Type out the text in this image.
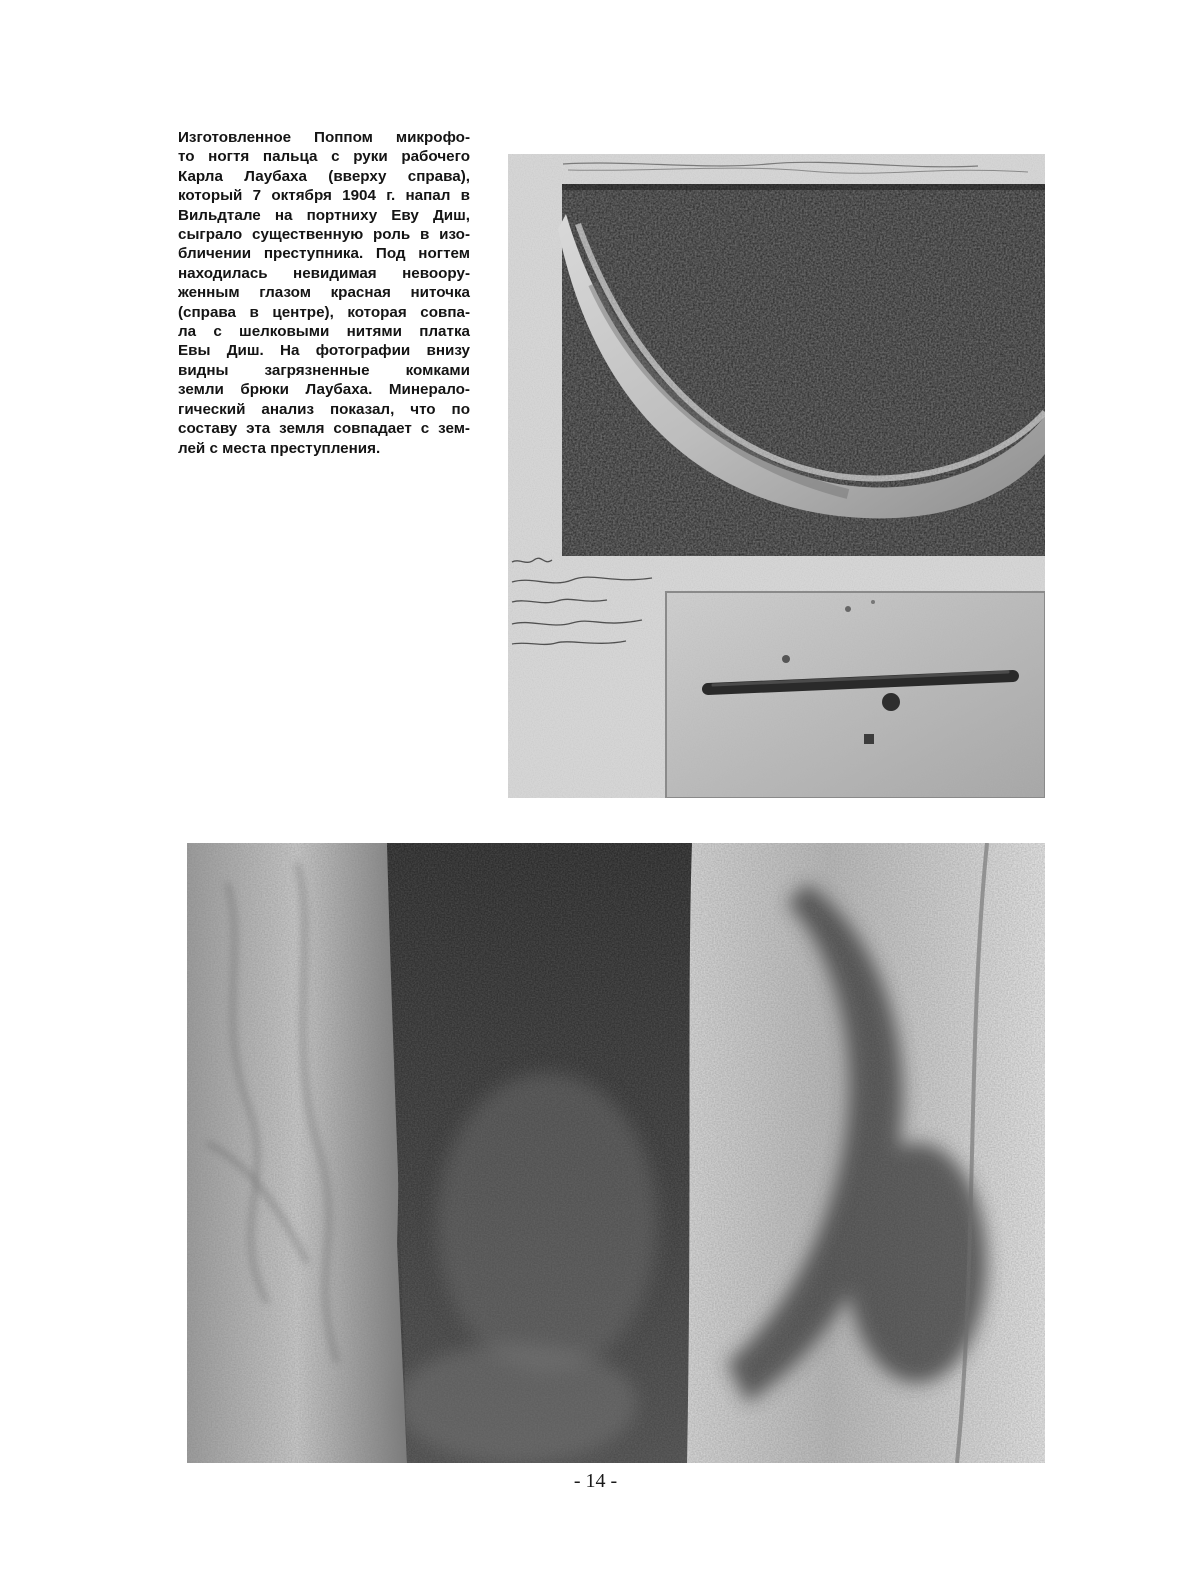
Изготовленное Поппом микрофо-
то ногтя пальца с руки рабочего
Карла Лаубаха (вверху справа),
который 7 октября 1904 г. напал в
Вильдтале на портниху Еву Диш,
сыграло существенную роль в изо-
бличении преступника. Под ногтем
находилась невидимая невоору-
женным глазом красная ниточка
(справа в центре), которая совпа-
ла с шелковыми нитями платка
Евы Диш. На фотографии внизу
видны загрязненные комками
земли брюки Лаубаха. Минерало-
гический анализ показал, что по
составу эта земля совпадает с зем-
лей с места преступления.

- 14 -
